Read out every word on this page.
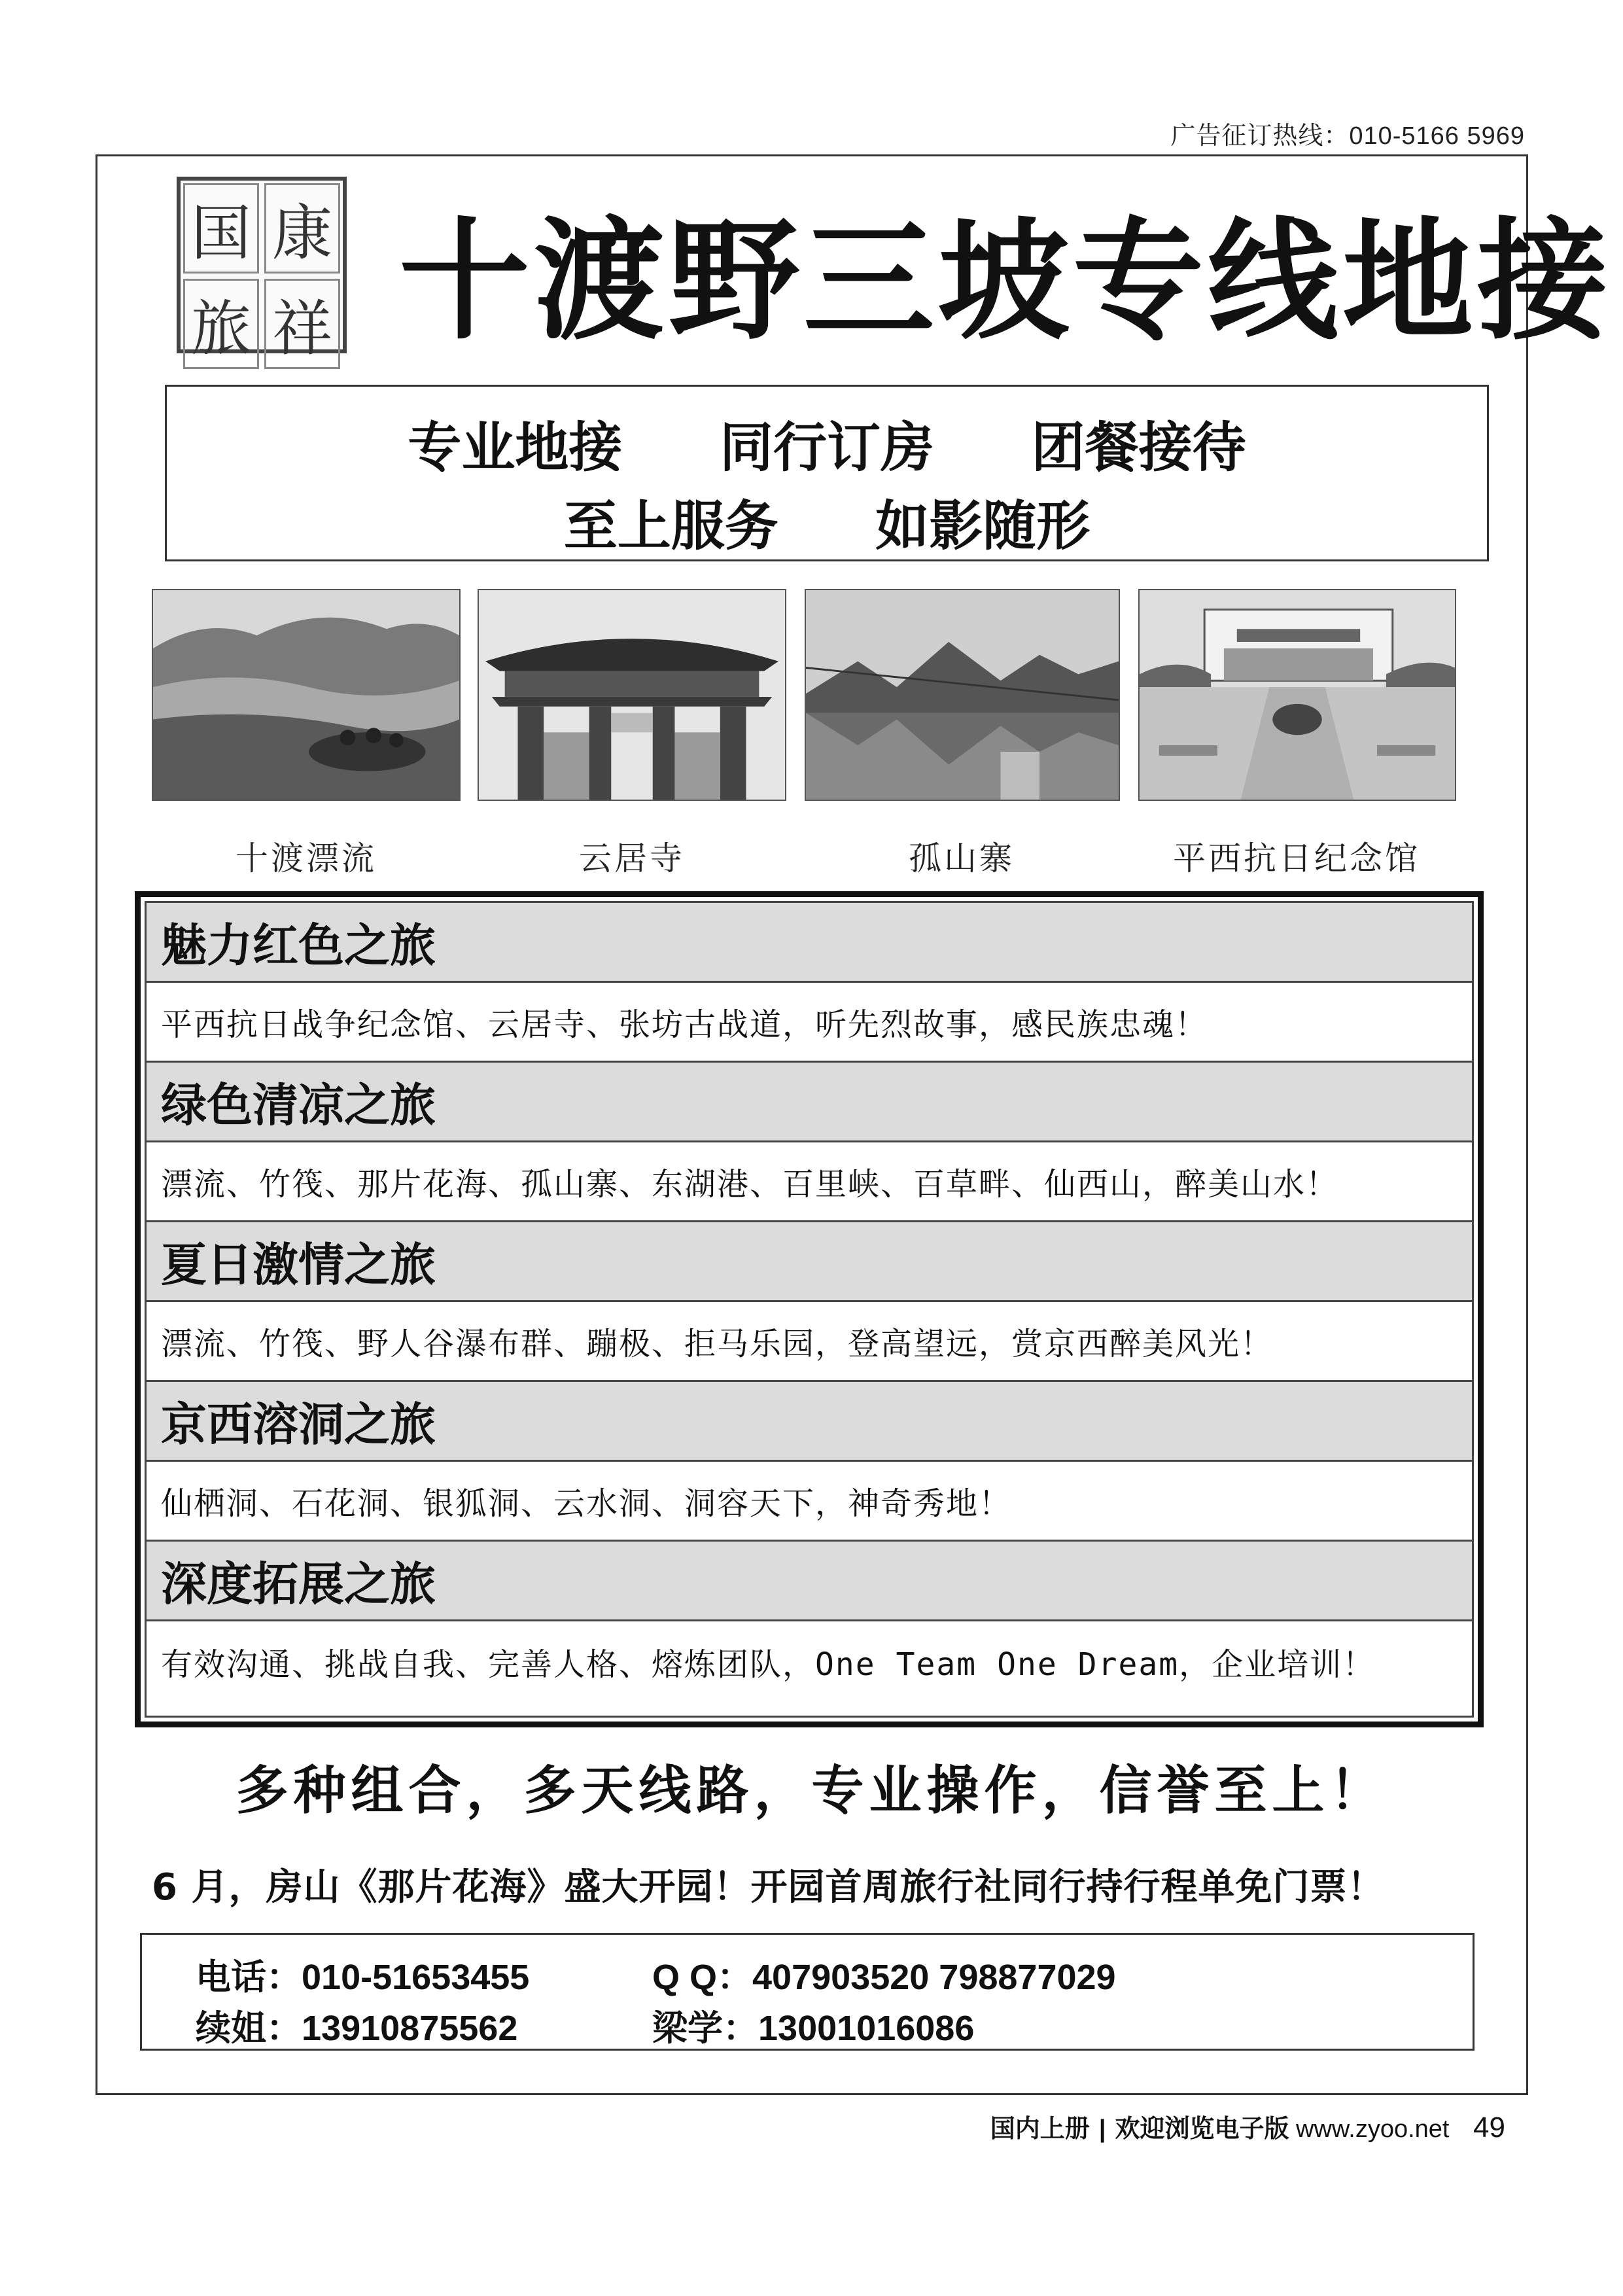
广告征订热线：010-5166 5969
国 康
旅 祥 十渡野三坡专线地接
专业地接 同行订房 团餐接待
至上服务 如影随形
十渡漂流	云居寺	孤山寨	平西抗日纪念馆
魅力红色之旅
平西抗日战争纪念馆、云居寺、张坊古战道，听先烈故事，感民族忠魂！
绿色清凉之旅
漂流、竹筏、那片花海、孤山寨、东湖港、百里峡、百草畔、仙西山，醉美山水！
夏日激情之旅
漂流、竹筏、野人谷瀑布群、蹦极、拒马乐园，登高望远，赏京西醉美风光！
京西溶洞之旅
仙栖洞、石花洞、银狐洞、云水洞、洞容天下，神奇秀地！
深度拓展之旅
有效沟通、挑战自我、完善人格、熔炼团队，One Team One Dream，企业培训！
多种组合，多天线路，专业操作，信誉至上！
6 月，房山《那片花海》盛大开园！开园首周旅行社同行持行程单免门票！
电话：010-51653455	Q Q：407903520 798877029
续姐：13910875562	梁学：13001016086
国内上册 | 欢迎浏览电子版 www.zyoo.net 49
